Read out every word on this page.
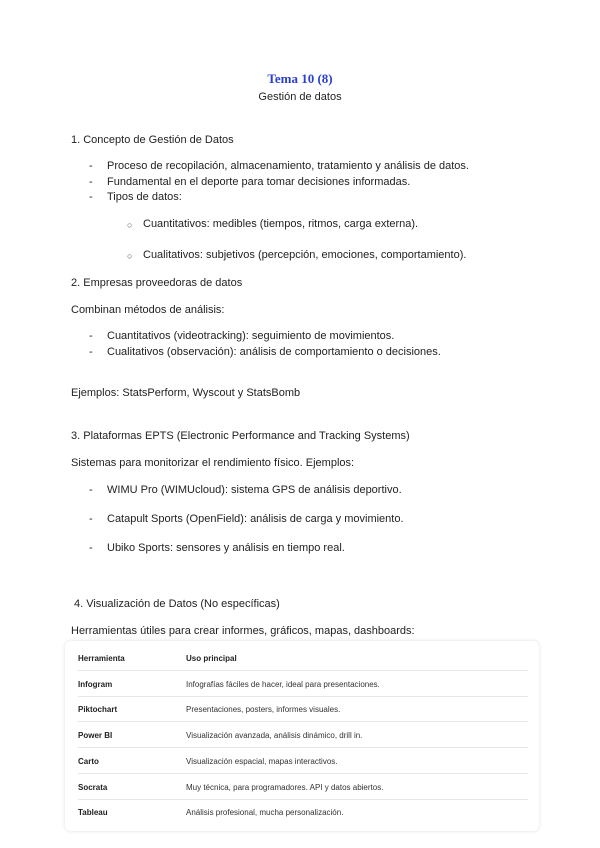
Tema 10 (8)
Gestión de datos
1. Concepto de Gestión de Datos
- Proceso de recopilación, almacenamiento, tratamiento y análisis de datos.
- Fundamental en el deporte para tomar decisiones informadas.
- Tipos de datos:
○ Cuantitativos: medibles (tiempos, ritmos, carga externa).
○ Cualitativos: subjetivos (percepción, emociones, comportamiento).
2. Empresas proveedoras de datos
Combinan métodos de análisis:
- Cuantitativos (videotracking): seguimiento de movimientos.
- Cualitativos (observación): análisis de comportamiento o decisiones.
Ejemplos: StatsPerform, Wyscout y StatsBomb
3. Plataformas EPTS (Electronic Performance and Tracking Systems)
Sistemas para monitorizar el rendimiento físico. Ejemplos:
- WIMU Pro (WIMUcloud): sistema GPS de análisis deportivo.
- Catapult Sports (OpenField): análisis de carga y movimiento.
- Ubiko Sports: sensores y análisis en tiempo real.
4. Visualización de Datos (No específicas)
Herramientas útiles para crear informes, gráficos, mapas, dashboards:
Herramienta	Uso principal
Infogram	Infografías fáciles de hacer, ideal para presentaciones.
Piktochart	Presentaciones, posters, informes visuales.
Power BI	Visualización avanzada, análisis dinámico, drill in.
Carto	Visualización espacial, mapas interactivos.
Socrata	Muy técnica, para programadores. API y datos abiertos.
Tableau	Análisis profesional, mucha personalización.
